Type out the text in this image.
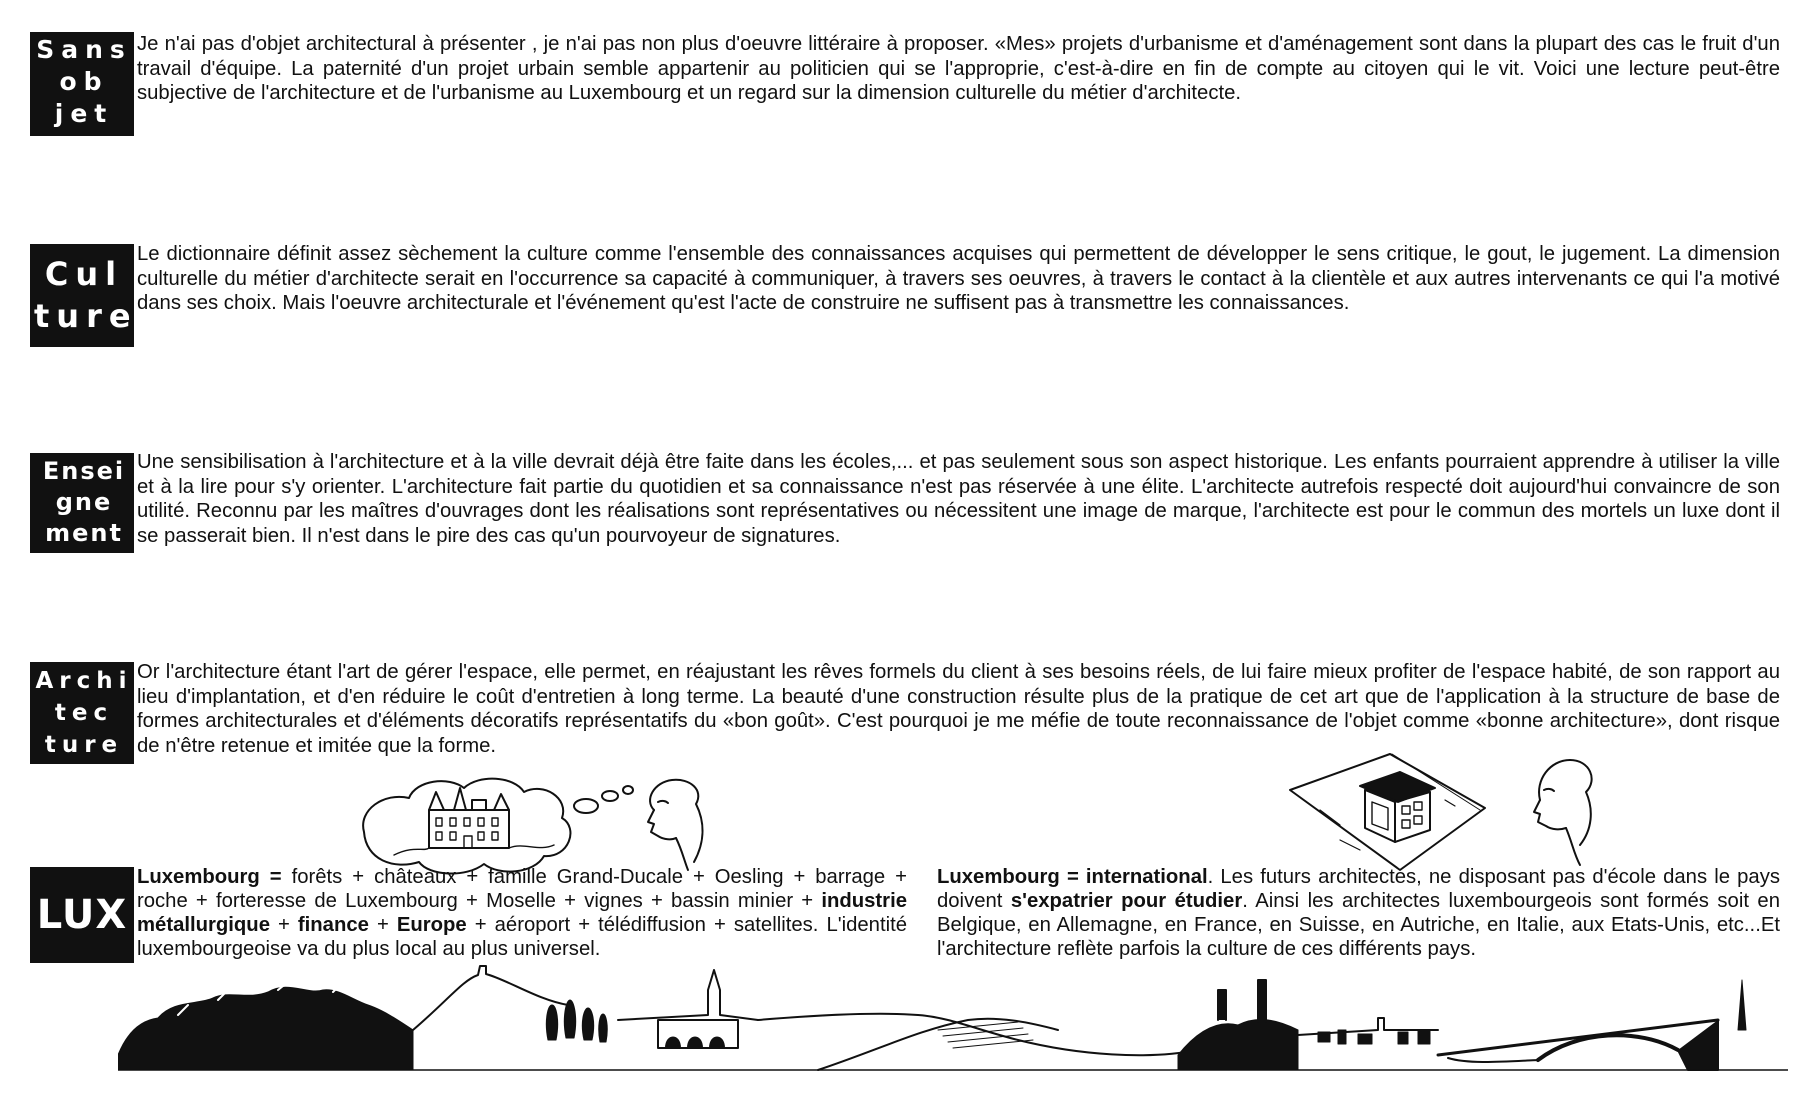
Sans
ob
jet

Je n'ai pas d'objet architectural à présenter , je n'ai pas non plus d'oeuvre littéraire à proposer. «Mes» projets d'urbanisme et d'aménagement sont dans la plupart des cas le fruit d'un travail d'équipe. La paternité d'un projet urbain semble appartenir au politicien qui se l'approprie, c'est-à-dire en fin de compte au citoyen qui le vit. Voici une lecture peut-être subjective de l'architecture et de l'urbanisme au Luxembourg et un regard sur la dimension culturelle du métier d'architecte.

Cul
ture

Le dictionnaire définit assez sèchement la culture comme l'ensemble des connaissances acquises qui permettent de développer le sens critique, le gout, le jugement. La dimension culturelle du métier d'architecte serait en l'occurrence sa capacité à communiquer, à travers ses oeuvres, à travers le contact à la clientèle et aux autres intervenants ce qui l'a motivé dans ses choix. Mais l'oeuvre architecturale et l'événement qu'est l'acte de construire ne suffisent pas à transmettre les connaissances.

Ensei
gne
ment

Une sensibilisation à l'architecture et à la ville devrait déjà être faite dans les écoles,... et pas seulement sous son aspect historique. Les enfants pourraient apprendre à utiliser la ville et à la lire pour s'y orienter. L'architecture fait partie du quotidien et sa connaissance n'est pas réservée à une élite. L'architecte autrefois respecté doit aujourd'hui convaincre de son utilité. Reconnu par les maîtres d'ouvrages dont les réalisations sont représentatives ou nécessitent une image de marque, l'architecte est pour le commun des mortels un luxe dont il se passerait bien. Il n'est dans le pire des cas qu'un pourvoyeur de signatures.

Archi
tec
ture

Or l'architecture étant l'art de gérer l'espace, elle permet, en réajustant les rêves formels du client à ses besoins réels, de lui faire mieux profiter de l'espace habité, de son rapport au lieu d'implantation, et d'en réduire le coût d'entretien à long terme. La beauté d'une construction résulte plus de la pratique de cet art que de l'application à la structure de base de formes architecturales et d'éléments décoratifs représentatifs du «bon goût». C'est pourquoi je me méfie de toute reconnaissance de l'objet comme «bonne architecture», dont risque de n'être retenue et imitée que la forme.

LUX

Luxembourg = forêts + châteaux + famille Grand-Ducale + Oesling + barrage + roche + forteresse de Luxembourg + Moselle + vignes + bassin minier + industrie métallurgique + finance + Europe + aéroport + télédiffusion + satellites. L'identité luxembourgeoise va du plus local au plus universel.

Luxembourg = international. Les futurs architectes, ne disposant pas d'école dans le pays doivent s'expatrier pour étudier. Ainsi les architectes luxembourgeois sont formés soit en Belgique, en Allemagne, en France, en Suisse, en Autriche, en Italie, aux Etats-Unis, etc...Et l'architecture reflète parfois la culture de ces différents pays.
